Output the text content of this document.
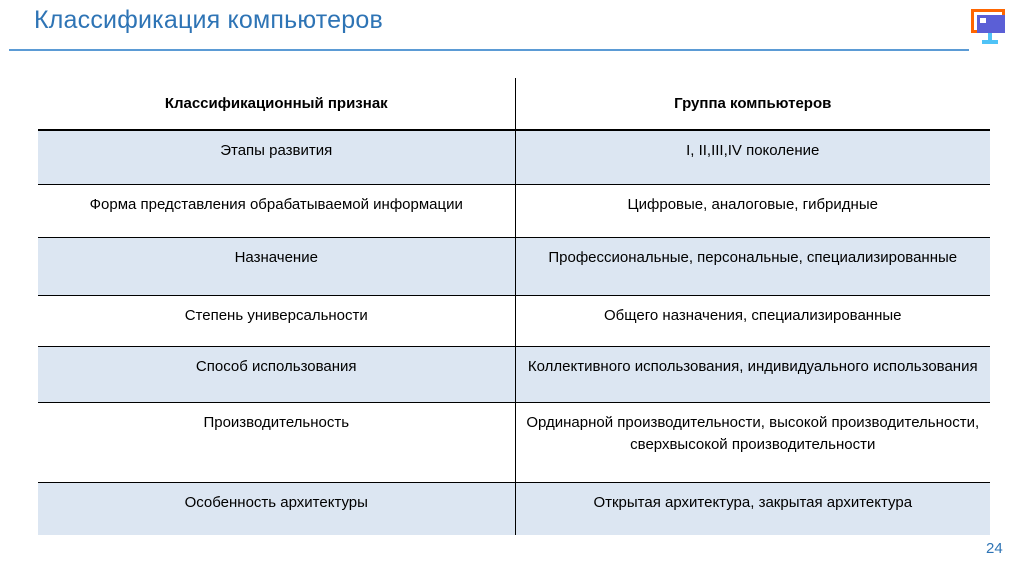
Классификация компьютеров
Классификационный признак	Группа компьютеров
Этапы развития	I, II,III,IV поколение
Форма представления обрабатываемой информации	Цифровые, аналоговые, гибридные
Назначение	Профессиональные, персональные, специализированные
Степень универсальности	Общего назначения, специализированные
Способ использования	Коллективного использования, индивидуального использования
Производительность	Ординарной производительности, высокой производительности, сверхвысокой производительности
Особенность архитектуры	Открытая архитектура, закрытая архитектура
24
